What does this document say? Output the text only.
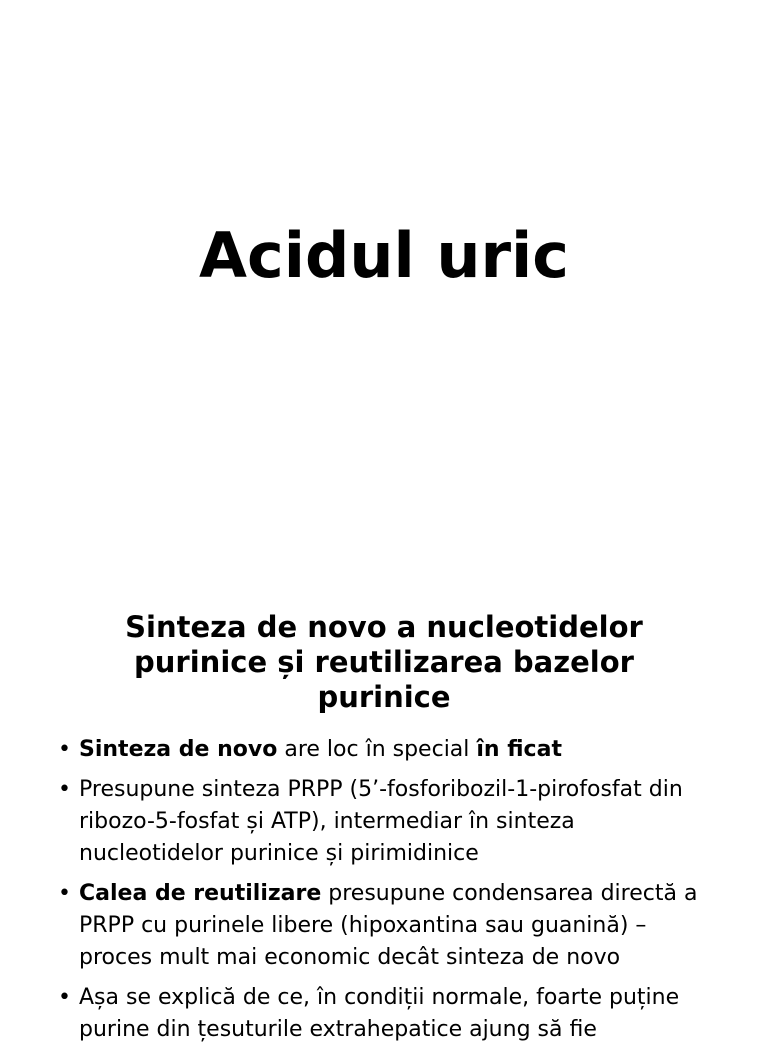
Acidul uric
Sinteza de novo a nucleotidelor
purinice și reutilizarea bazelor
purinice
• Sinteza de novo are loc în special în ficat
• Presupune sinteza PRPP (5’-fosforibozil-1-pirofosfat din ribozo-5-fosfat și ATP), intermediar în sinteza nucleotidelor purinice și pirimidinice
• Calea de reutilizare presupune condensarea directă a PRPP cu purinele libere (hipoxantina sau guanină) – proces mult mai economic decât sinteza de novo
• Așa se explică de ce, în condiții normale, foarte puține purine din țesuturile extrahepatice ajung să fie
